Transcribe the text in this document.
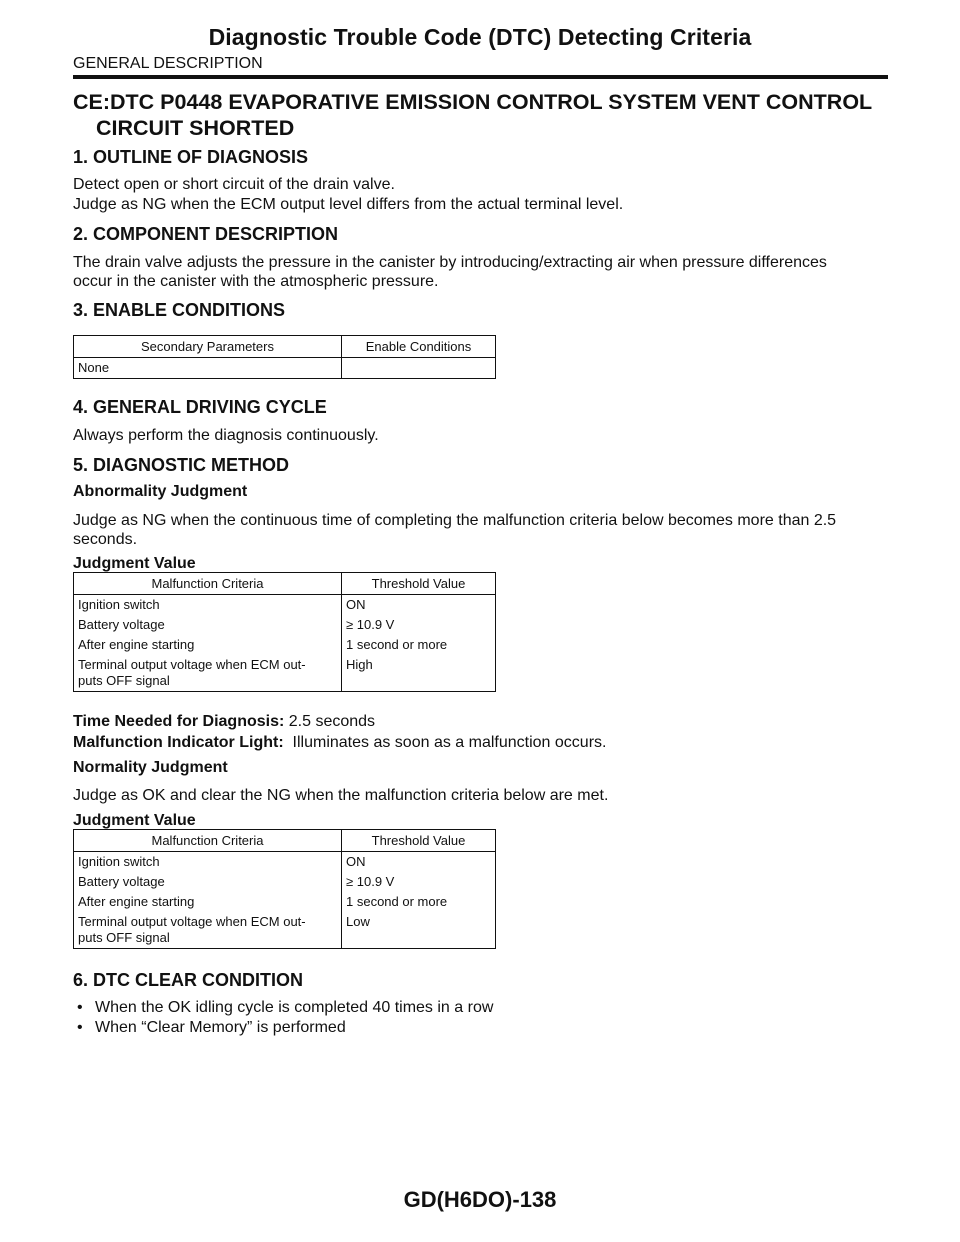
Diagnostic Trouble Code (DTC) Detecting Criteria
GENERAL DESCRIPTION
CE:DTC P0448 EVAPORATIVE EMISSION CONTROL SYSTEM VENT CONTROL
CIRCUIT SHORTED
1. OUTLINE OF DIAGNOSIS
Detect open or short circuit of the drain valve.
Judge as NG when the ECM output level differs from the actual terminal level.
2. COMPONENT DESCRIPTION
The drain valve adjusts the pressure in the canister by introducing/extracting air when pressure differences
occur in the canister with the atmospheric pressure.
3. ENABLE CONDITIONS
Secondary Parameters	Enable Conditions
None	
4. GENERAL DRIVING CYCLE
Always perform the diagnosis continuously.
5. DIAGNOSTIC METHOD
Abnormality Judgment
Judge as NG when the continuous time of completing the malfunction criteria below becomes more than 2.5
seconds.
Judgment Value
Malfunction Criteria	Threshold Value
Ignition switch	ON
Battery voltage	≥ 10.9 V
After engine starting	1 second or more
Terminal output voltage when ECM out-
puts OFF signal	High
Time Needed for Diagnosis: 2.5 seconds
Malfunction Indicator Light:  Illuminates as soon as a malfunction occurs.
Normality Judgment
Judge as OK and clear the NG when the malfunction criteria below are met.
Judgment Value
Malfunction Criteria	Threshold Value
Ignition switch	ON
Battery voltage	≥ 10.9 V
After engine starting	1 second or more
Terminal output voltage when ECM out-
puts OFF signal	Low
6. DTC CLEAR CONDITION
• When the OK idling cycle is completed 40 times in a row
• When “Clear Memory” is performed
GD(H6DO)-138
